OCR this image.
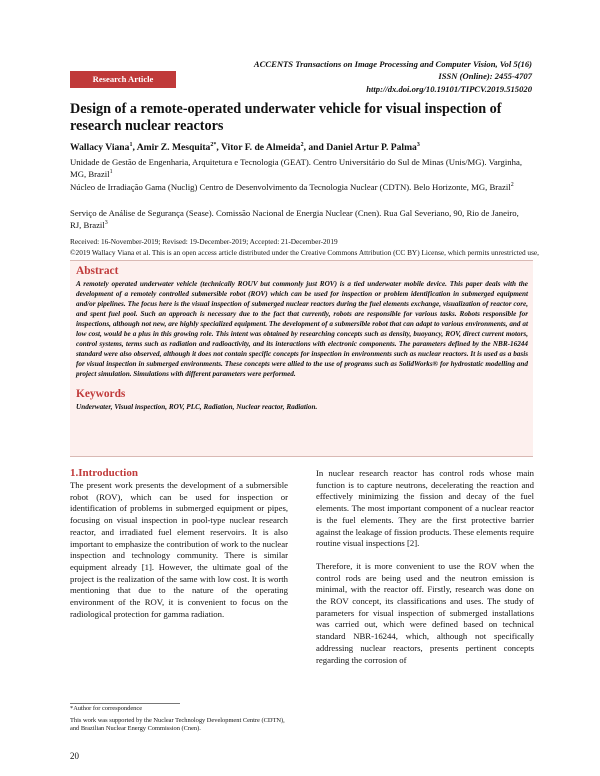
ACCENTS Transactions on Image Processing and Computer Vision, Vol 5(16)
ISSN (Online): 2455-4707
http://dx.doi.org/10.19101/TIPCV.2019.515020
Research Article
Design of a remote-operated underwater vehicle for visual inspection of research nuclear reactors
Wallacy Viana$^1$, Amir Z. Mesquita$^{2*}$, Vitor F. de Almeida$^2$, and Daniel Artur P. Palma$^3$
Unidade de Gestão de Engenharia, Arquitetura e Tecnologia (GEAT). Centro Universitário do Sul de Minas (Unis/MG). Varginha, MG, Brazil$^1$
Núcleo de Irradiação Gama (Nuclig) Centro de Desenvolvimento da Tecnologia Nuclear (CDTN). Belo Horizonte, MG, Brazil$^2$
Serviço de Análise de Segurança (Sease). Comissão Nacional de Energia Nuclear (Cnen). Rua Gal Severiano, 90, Rio de Janeiro, RJ, Brazil$^3$
Received: 16-November-2019; Revised: 19-December-2019; Accepted: 21-December-2019
©2019 Wallacy Viana et al. This is an open access article distributed under the Creative Commons Attribution (CC BY) License, which permits unrestricted use,
Abstract
A remotely operated underwater vehicle (technically ROUV but commonly just ROV) is a tied underwater mobile device. This paper deals with the development of a remotely controlled submersible robot (ROV) which can be used for inspection or problem identification in submerged equipment and/or pipelines. The focus here is the visual inspection of submerged nuclear reactors during the fuel elements exchange, visualization of reactor core, and spent fuel pool. Such an approach is necessary due to the fact that currently, robots are responsible for various tasks. Robots responsible for inspections, although not new, are highly specialized equipment. The development of a submersible robot that can adapt to various environments, and at low cost, would be a plus in this growing role. This intent was obtained by researching concepts such as density, buoyancy, ROV, direct current motors, control systems, terms such as radiation and radioactivity, and its interactions with electronic components. The parameters defined by the NBR-16244 standard were also observed, although it does not contain specific concepts for inspection in environments such as nuclear reactors. It is used as a basis for visual inspection in submerged environments. These concepts were allied to the use of programs such as SolidWorks® for hydrostatic modelling and project simulation. Simulations with different parameters were performed.
Keywords
Underwater, Visual inspection, ROV, PLC, Radiation, Nuclear reactor, Radiation.
1.Introduction

The present work presents the development of a submersible robot (ROV), which can be used for inspection or identification of problems in submerged equipment or pipes, focusing on visual inspection in pool-type nuclear research reactor, and irradiated fuel element reservoirs. It is also important to emphasize the contribution of work to the nuclear inspection and technology community. There is similar equipment already [1]. However, the ultimate goal of the project is the realization of the same with low cost. It is worth mentioning that due to the nature of the operating environment of the ROV, it is convenient to focus on the radiological protection for gamma radiation.

In nuclear research reactor has control rods whose main function is to capture neutrons, decelerating the reaction and effectively minimizing the fission and decay of the fuel elements. The most important component of a nuclear reactor is the fuel elements. They are the first protective barrier against the leakage of fission products. These elements require routine visual inspections [2].

Therefore, it is more convenient to use the ROV when the control rods are being used and the neutron emission is minimal, with the reactor off. Firstly, research was done on the ROV concept, its classifications and uses. The study of parameters for visual inspection of submerged installations was carried out, which were defined based on technical standard NBR-16244, which, although not specifically addressing nuclear reactors, presents pertinent concepts regarding the corrosion of

*Author for correspondence

This work was supported by the Nuclear Technology Development Centre (CDTN), and Brazilian Nuclear Energy Commission (Cnen).

20
